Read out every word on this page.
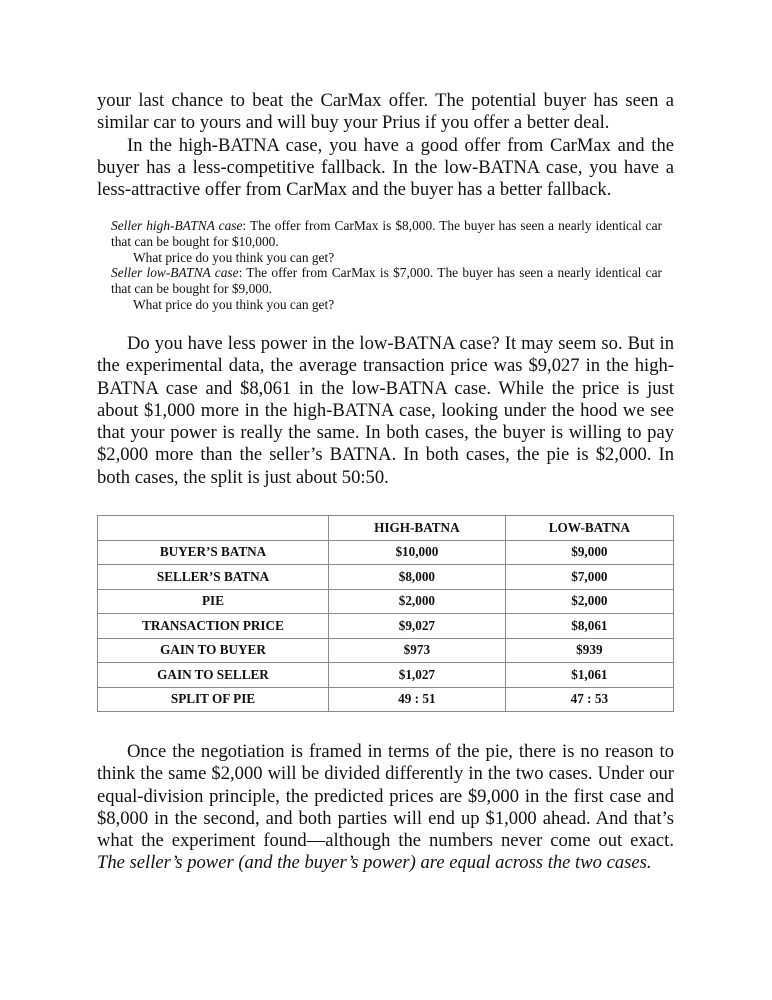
your last chance to beat the CarMax offer. The potential buyer has seen a similar car to yours and will buy your Prius if you offer a better deal.

In the high-BATNA case, you have a good offer from CarMax and the buyer has a less-competitive fallback. In the low-BATNA case, you have a less-attractive offer from CarMax and the buyer has a better fallback.

Seller high-BATNA case: The offer from CarMax is $8,000. The buyer has seen a nearly identical car that can be bought for $10,000.

What price do you think you can get?

Seller low-BATNA case: The offer from CarMax is $7,000. The buyer has seen a nearly identical car that can be bought for $9,000.

What price do you think you can get?

Do you have less power in the low-BATNA case? It may seem so. But in the experimental data, the average transaction price was $9,027 in the high-BATNA case and $8,061 in the low-BATNA case. While the price is just about $1,000 more in the high-BATNA case, looking under the hood we see that your power is really the same. In both cases, the buyer is willing to pay $2,000 more than the seller’s BATNA. In both cases, the pie is $2,000. In both cases, the split is just about 50:50.

	HIGH-BATNA	LOW-BATNA
BUYER’S BATNA	$10,000	$9,000
SELLER’S BATNA	$8,000	$7,000
PIE	$2,000	$2,000
TRANSACTION PRICE	$9,027	$8,061
GAIN TO BUYER	$973	$939
GAIN TO SELLER	$1,027	$1,061
SPLIT OF PIE	49 : 51	47 : 53

Once the negotiation is framed in terms of the pie, there is no reason to think the same $2,000 will be divided differently in the two cases. Under our equal-division principle, the predicted prices are $9,000 in the first case and $8,000 in the second, and both parties will end up $1,000 ahead. And that’s what the experiment found—although the numbers never come out exact. The seller’s power (and the buyer’s power) are equal across the two cases.
